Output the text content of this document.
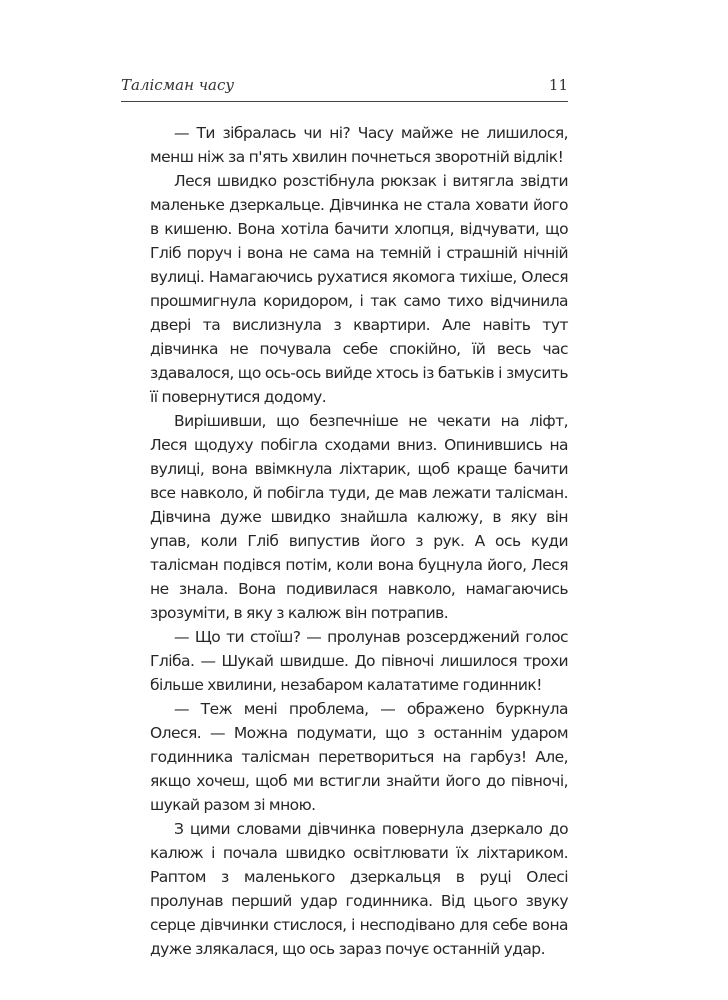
Талісман часу	11

— Ти зібралась чи ні? Часу майже не лишилося, менш ніж за п'ять хвилин почнеться зворотній відлік!

Леся швидко розстібнула рюкзак і витягла звідти маленьке дзеркальце. Дівчинка не стала ховати його в кишеню. Вона хотіла бачити хлопця, відчувати, що Гліб поруч і вона не сама на темній і страшній нічній вулиці. Намагаючись рухатися якомога тихіше, Олеся прошмигнула коридором, і так само тихо відчинила двері та вислизнула з квартири. Але навіть тут дівчинка не почувала себе спокійно, їй весь час здавалося, що ось-ось вийде хтось із батьків і змусить її повернутися додому.

Вирішивши, що безпечніше не чекати на ліфт, Леся щодуху побігла сходами вниз. Опинившись на вулиці, вона ввімкнула ліхтарик, щоб краще бачити все навколо, й побігла туди, де мав лежати талісман. Дівчина дуже швидко знайшла калюжу, в яку він упав, коли Гліб випустив його з рук. А ось куди талісман подівся потім, коли вона буцнула його, Леся не знала. Вона подивилася навколо, намагаючись зрозуміти, в яку з калюж він потрапив.

— Що ти стоїш? — пролунав розсерджений голос Гліба. — Шукай швидше. До півночі лишилося трохи більше хвилини, незабаром калататиме годинник!

— Теж мені проблема, — ображено буркнула Олеся. — Можна подумати, що з останнім ударом годинника талісман перетвориться на гарбуз! Але, якщо хочеш, щоб ми встигли знайти його до півночі, шукай разом зі мною.

З цими словами дівчинка повернула дзеркало до калюж і почала швидко освітлювати їх ліхтариком. Раптом з маленького дзеркальця в руці Олесі пролунав перший удар годинника. Від цього звуку серце дівчинки стислося, і несподівано для себе вона дуже злякалася, що ось зараз почує останній удар.
